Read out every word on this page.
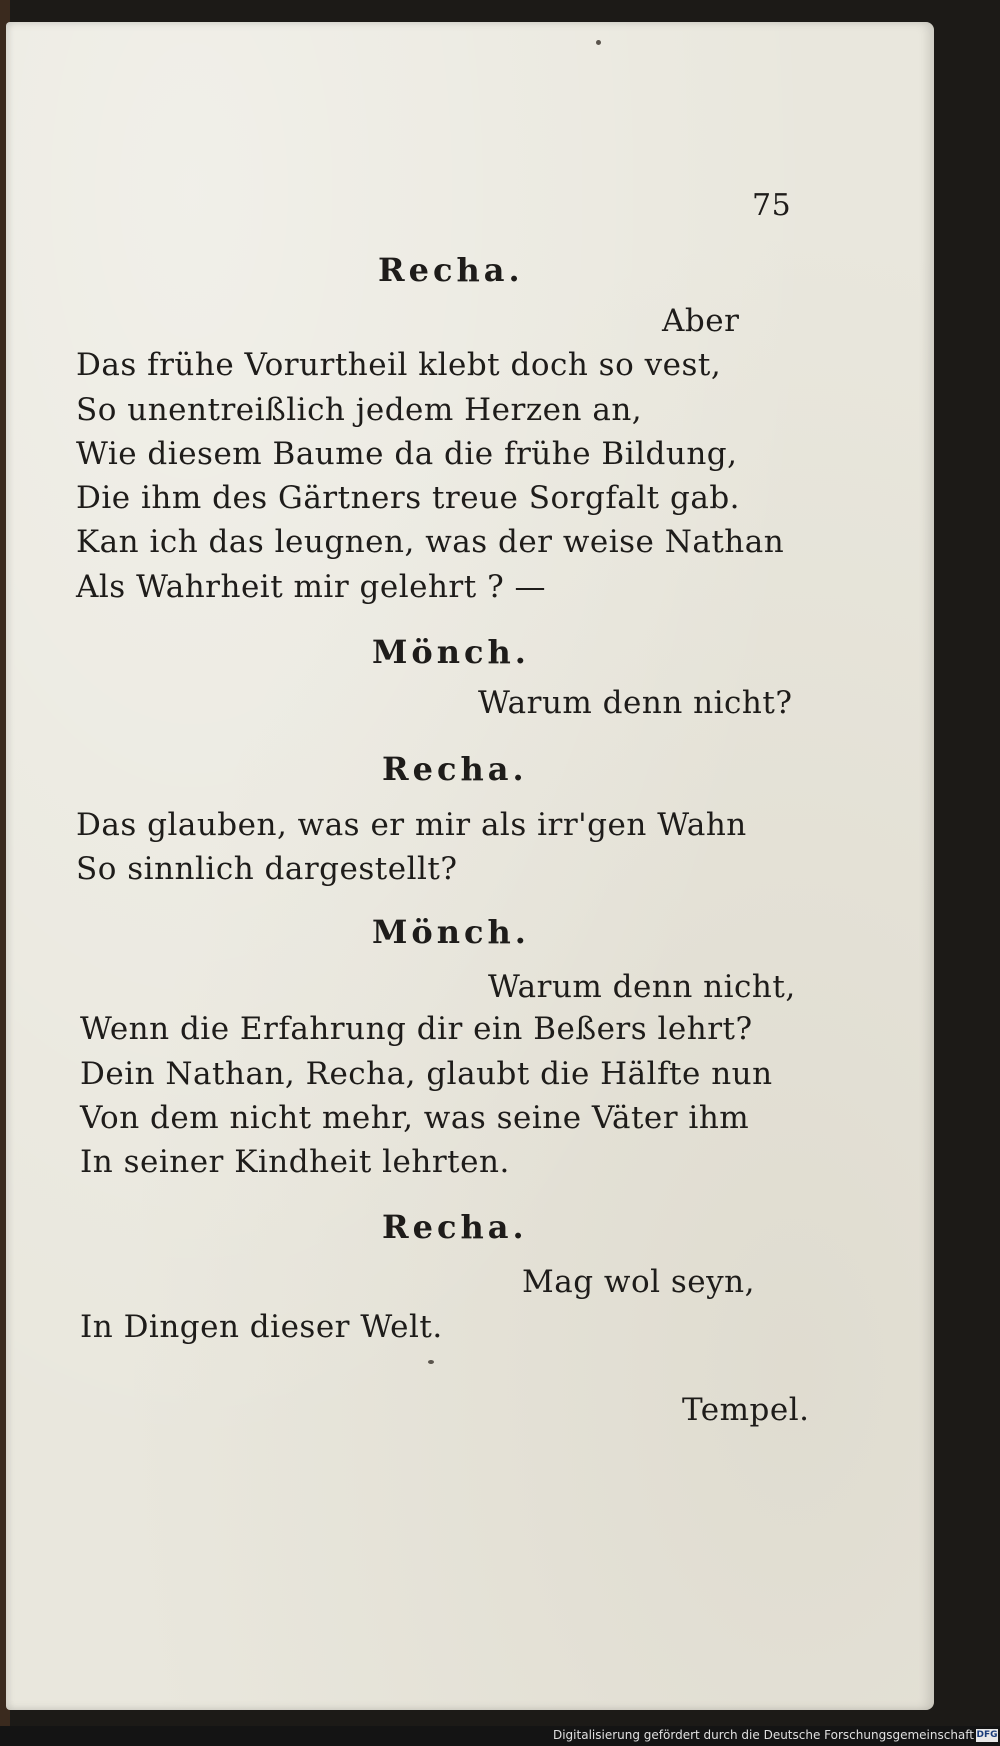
75
Recha.
Aber
Das frühe Vorurtheil klebt doch so vest,
So unentreißlich jedem Herzen an,
Wie diesem Baume da die frühe Bildung,
Die ihm des Gärtners treue Sorgfalt gab.
Kan ich das leugnen, was der weise Nathan
Als Wahrheit mir gelehrt ? —
Mönch.
Warum denn nicht?
Recha.
Das glauben, was er mir als irr'gen Wahn
So sinnlich dargestellt?
Mönch.
Warum denn nicht,
Wenn die Erfahrung dir ein Beßers lehrt?
Dein Nathan, Recha, glaubt die Hälfte nun
Von dem nicht mehr, was seine Väter ihm
In seiner Kindheit lehrten.
Recha.
Mag wol seyn,
In Dingen dieser Welt.
Tempel.
Digitalisierung gefördert durch die Deutsche Forschungsgemeinschaft DFG
